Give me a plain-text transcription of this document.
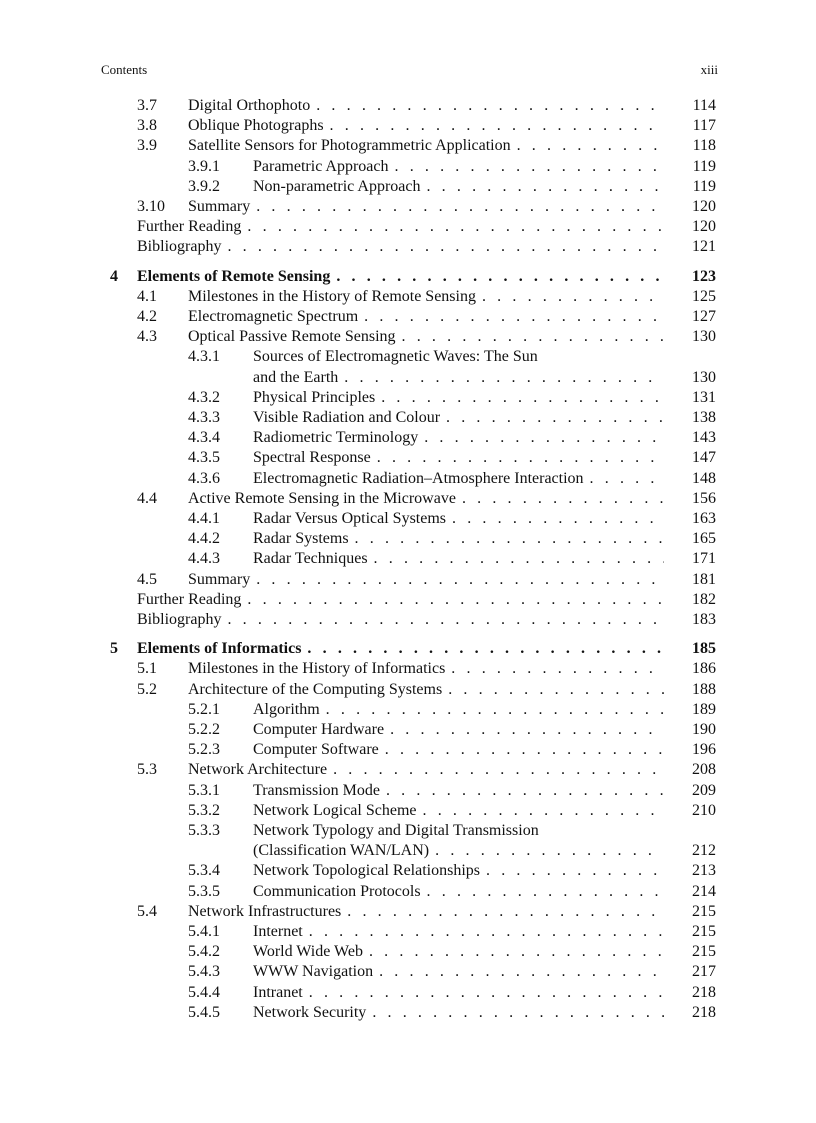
Contents	xiii
3.7 Digital Orthophoto . . .	114
3.8 Oblique Photographs . . .	117
3.9 Satellite Sensors for Photogrammetric Application . . .	118
3.9.1 Parametric Approach . . .	119
3.9.2 Non-parametric Approach . . .	119
3.10 Summary . . .	120
Further Reading . . .	120
Bibliography . . .	121
4 Elements of Remote Sensing . . .	123
4.1 Milestones in the History of Remote Sensing . . .	125
4.2 Electromagnetic Spectrum . . .	127
4.3 Optical Passive Remote Sensing . . .	130
4.3.1 Sources of Electromagnetic Waves: The Sun
and the Earth . . .	130
4.3.2 Physical Principles . . .	131
4.3.3 Visible Radiation and Colour . . .	138
4.3.4 Radiometric Terminology . . .	143
4.3.5 Spectral Response . . .	147
4.3.6 Electromagnetic Radiation–Atmosphere Interaction . . .	148
4.4 Active Remote Sensing in the Microwave . . .	156
4.4.1 Radar Versus Optical Systems . . .	163
4.4.2 Radar Systems . . .	165
4.4.3 Radar Techniques . . .	171
4.5 Summary . . .	181
Further Reading . . .	182
Bibliography . . .	183
5 Elements of Informatics . . .	185
5.1 Milestones in the History of Informatics . . .	186
5.2 Architecture of the Computing Systems . . .	188
5.2.1 Algorithm . . .	189
5.2.2 Computer Hardware . . .	190
5.2.3 Computer Software . . .	196
5.3 Network Architecture . . .	208
5.3.1 Transmission Mode . . .	209
5.3.2 Network Logical Scheme . . .	210
5.3.3 Network Typology and Digital Transmission
(Classification WAN/LAN) . . .	212
5.3.4 Network Topological Relationships . . .	213
5.3.5 Communication Protocols . . .	214
5.4 Network Infrastructures . . .	215
5.4.1 Internet . . .	215
5.4.2 World Wide Web . . .	215
5.4.3 WWW Navigation . . .	217
5.4.4 Intranet . . .	218
5.4.5 Network Security . . .	218
